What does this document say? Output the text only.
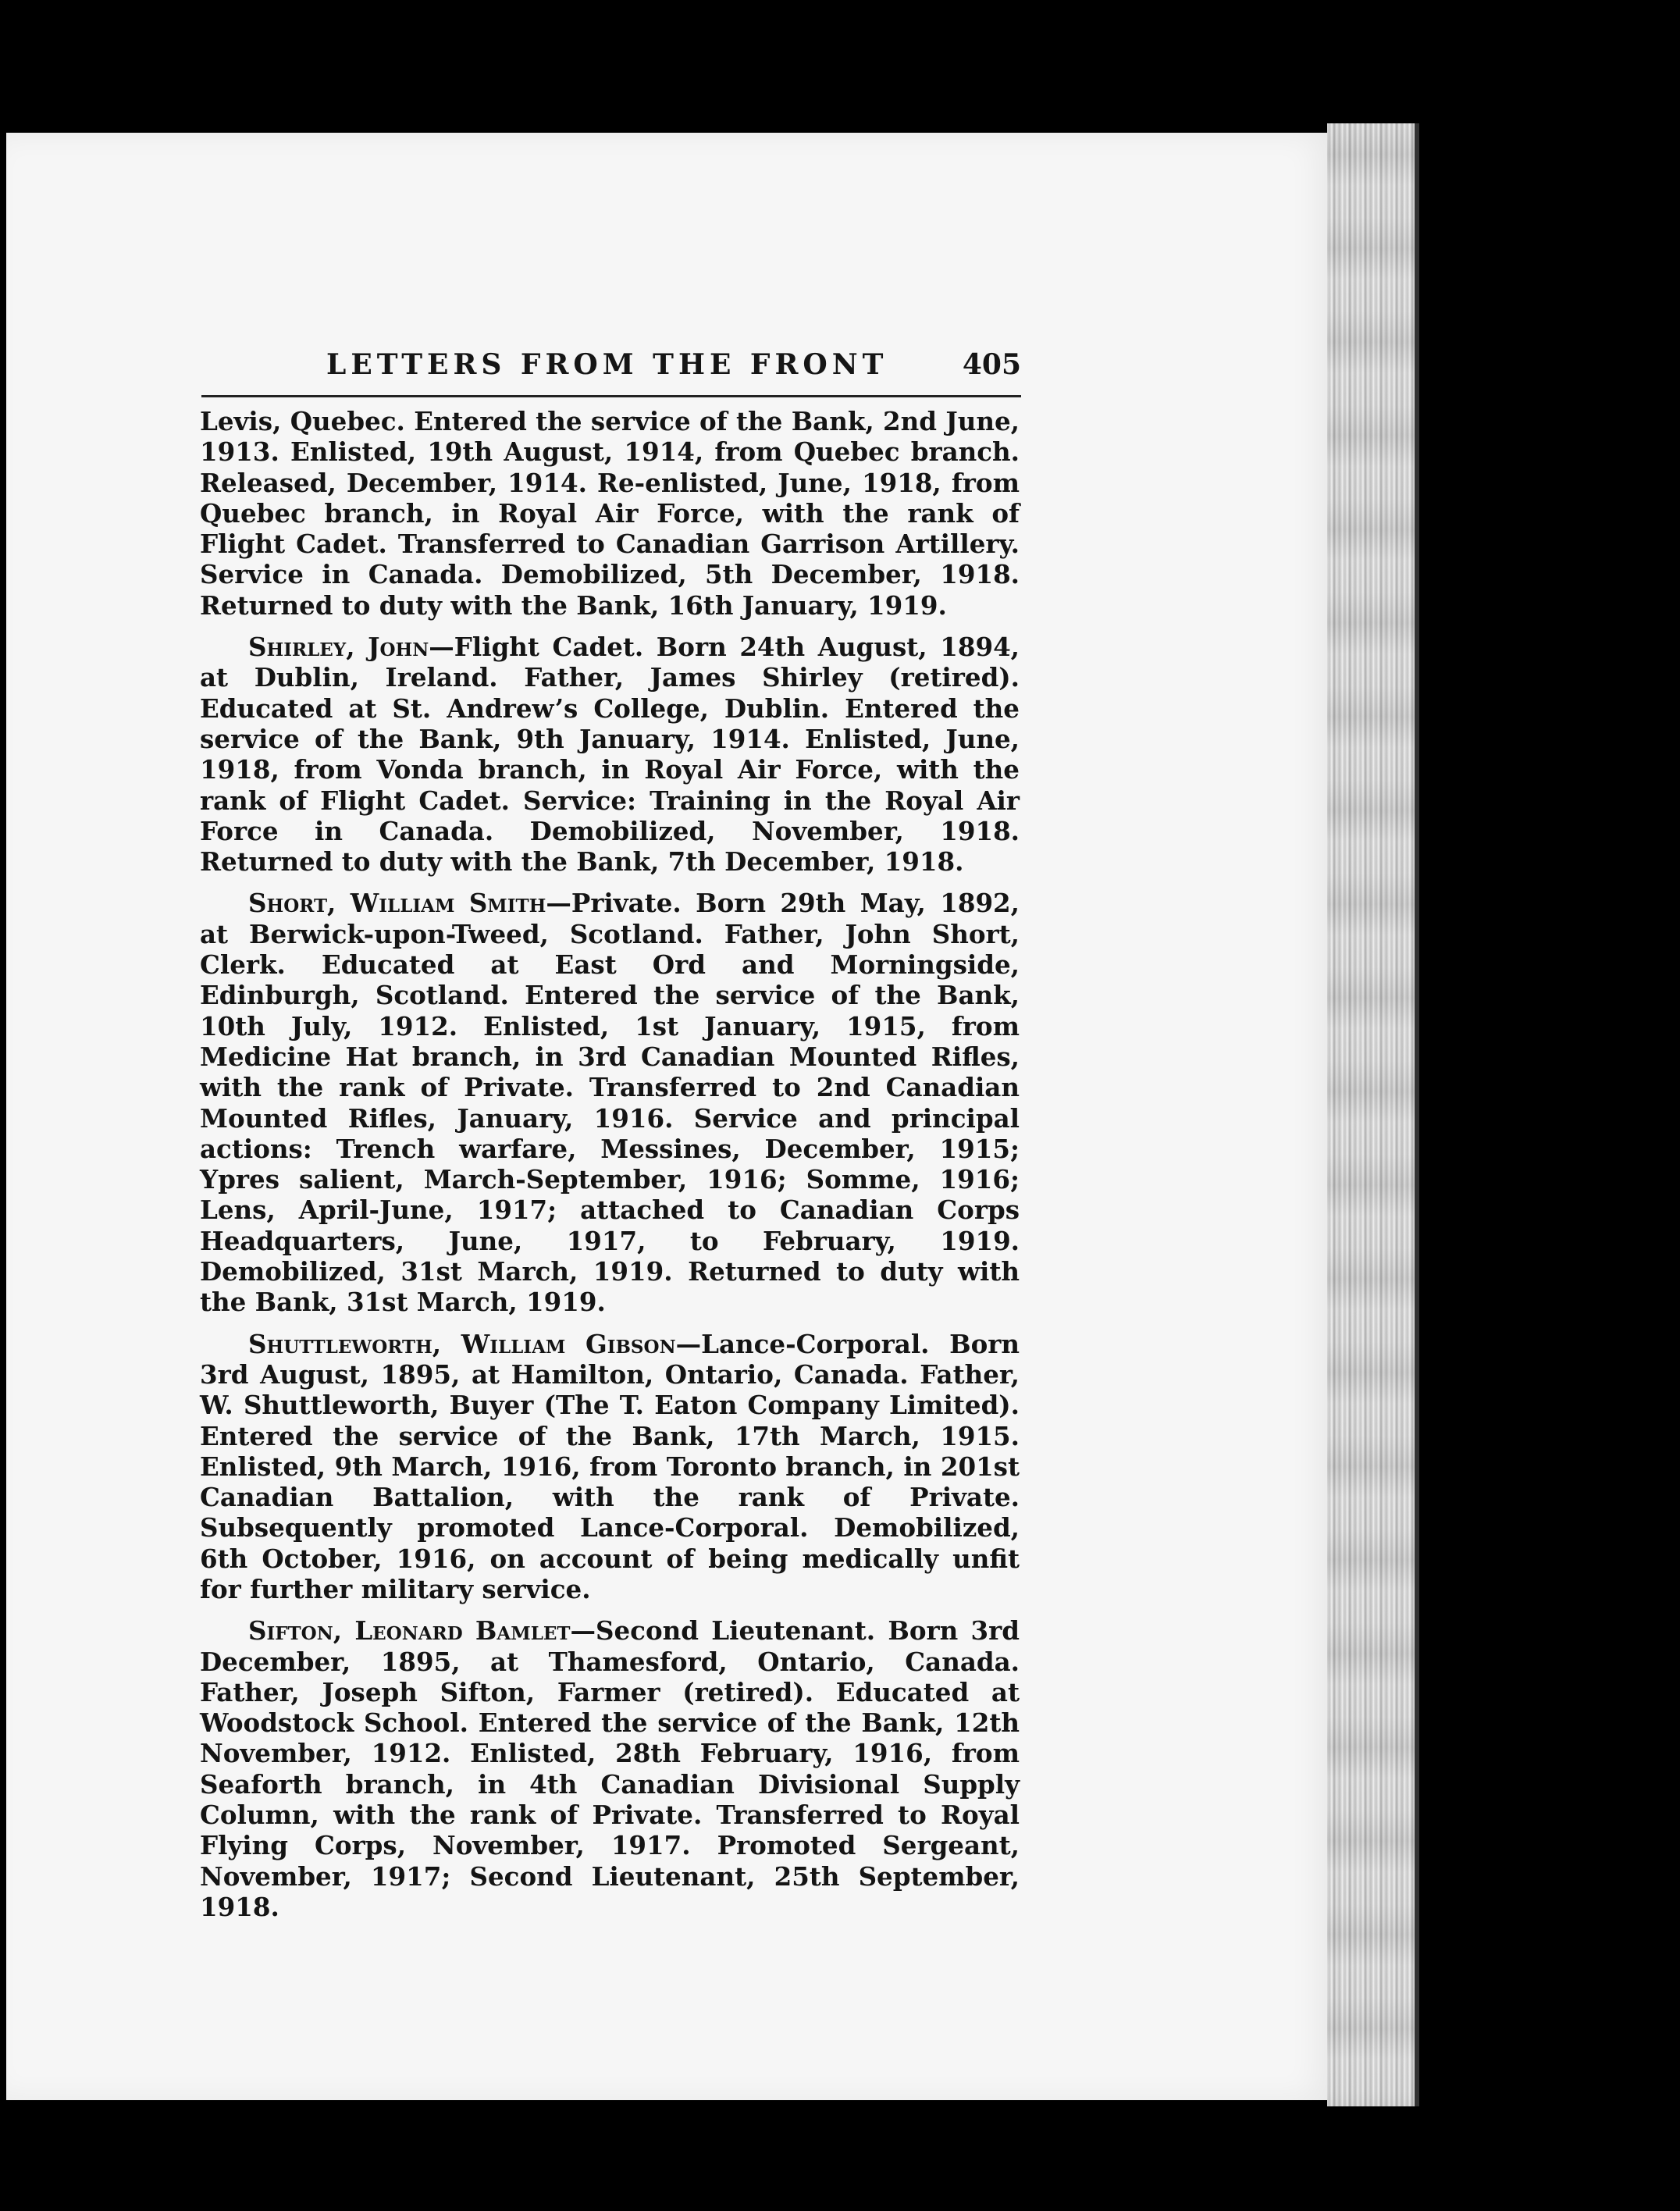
LETTERS FROM THE FRONT	405

Levis, Quebec. Entered the service of the Bank, 2nd June, 1913. Enlisted, 19th August, 1914, from Quebec branch. Released, December, 1914. Re-enlisted, June, 1918, from Quebec branch, in Royal Air Force, with the rank of Flight Cadet. Transferred to Canadian Garrison Artillery. Service in Canada. Demobilized, 5th December, 1918. Returned to duty with the Bank, 16th January, 1919.

Shirley, John—Flight Cadet. Born 24th August, 1894, at Dublin, Ireland. Father, James Shirley (retired). Educated at St. Andrew’s College, Dublin. Entered the service of the Bank, 9th January, 1914. Enlisted, June, 1918, from Vonda branch, in Royal Air Force, with the rank of Flight Cadet. Service: Training in the Royal Air Force in Canada. Demobilized, November, 1918. Returned to duty with the Bank, 7th December, 1918.

Short, William Smith—Private. Born 29th May, 1892, at Berwick-upon-Tweed, Scotland. Father, John Short, Clerk. Educated at East Ord and Morningside, Edinburgh, Scotland. Entered the service of the Bank, 10th July, 1912. Enlisted, 1st January, 1915, from Medicine Hat branch, in 3rd Canadian Mounted Rifles, with the rank of Private. Transferred to 2nd Canadian Mounted Rifles, January, 1916. Service and principal actions: Trench warfare, Messines, December, 1915; Ypres salient, March-September, 1916; Somme, 1916; Lens, April-June, 1917; attached to Canadian Corps Headquarters, June, 1917, to February, 1919. Demobilized, 31st March, 1919. Returned to duty with the Bank, 31st March, 1919.

Shuttleworth, William Gibson—Lance-Corporal. Born 3rd August, 1895, at Hamilton, Ontario, Canada. Father, W. Shuttleworth, Buyer (The T. Eaton Company Limited). Entered the service of the Bank, 17th March, 1915. Enlisted, 9th March, 1916, from Toronto branch, in 201st Canadian Battalion, with the rank of Private. Subsequently promoted Lance-Corporal. Demobilized, 6th October, 1916, on account of being medically unfit for further military service.

Sifton, Leonard Bamlet—Second Lieutenant. Born 3rd December, 1895, at Thamesford, Ontario, Canada. Father, Joseph Sifton, Farmer (retired). Educated at Woodstock School. Entered the service of the Bank, 12th November, 1912. Enlisted, 28th February, 1916, from Seaforth branch, in 4th Canadian Divisional Supply Column, with the rank of Private. Transferred to Royal Flying Corps, November, 1917. Promoted Sergeant, November, 1917; Second Lieutenant, 25th September, 1918.
